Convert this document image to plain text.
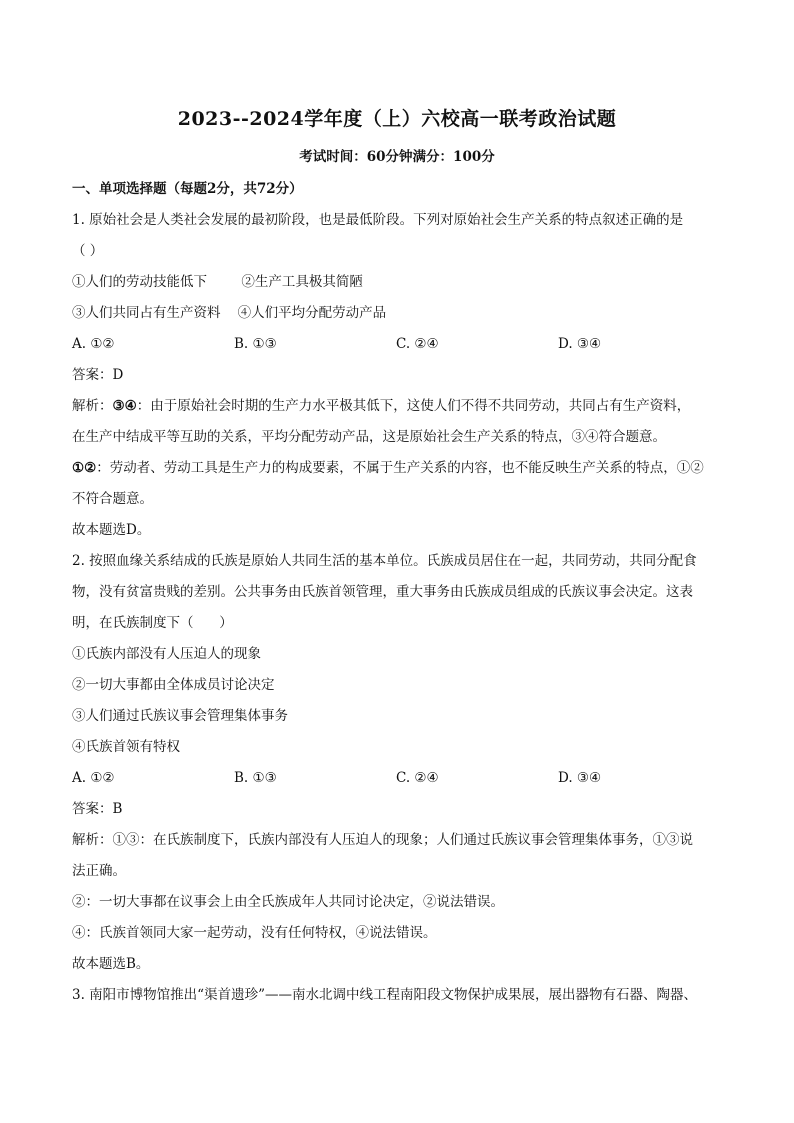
2023--2024学年度（上）六校高一联考政治试题
考试时间：60分钟满分：100分
一、单项选择题（每题2分，共72分）
1. 原始社会是人类社会发展的最初阶段，也是最低阶段。下列对原始社会生产关系的特点叙述正确的是
（ ）
①人们的劳动技能低下        ②生产工具极其简陋
③人们共同占有生产资料    ④人们平均分配劳动产品
A. ①②	B. ①③	C. ②④	D. ③④
答案：D
解析：③④：由于原始社会时期的生产力水平极其低下，这使人们不得不共同劳动，共同占有生产资料，
在生产中结成平等互助的关系，平均分配劳动产品，这是原始社会生产关系的特点，③④符合题意。
①②：劳动者、劳动工具是生产力的构成要素，不属于生产关系的内容，也不能反映生产关系的特点，①②
不符合题意。
故本题选D。
2. 按照血缘关系结成的氏族是原始人共同生活的基本单位。氏族成员居住在一起，共同劳动，共同分配食
物，没有贫富贵贱的差别。公共事务由氏族首领管理，重大事务由氏族成员组成的氏族议事会决定。这表
明，在氏族制度下（      ）
①氏族内部没有人压迫人的现象
②一切大事都由全体成员讨论决定
③人们通过氏族议事会管理集体事务
④氏族首领有特权
A. ①②	B. ①③	C. ②④	D. ③④
答案：B
解析：①③：在氏族制度下，氏族内部没有人压迫人的现象；人们通过氏族议事会管理集体事务，①③说
法正确。
②：一切大事都在议事会上由全氏族成年人共同讨论决定，②说法错误。
④：氏族首领同大家一起劳动，没有任何特权，④说法错误。
故本题选B。
3. 南阳市博物馆推出“渠首遗珍”——南水北调中线工程南阳段文物保护成果展，展出器物有石器、陶器、
